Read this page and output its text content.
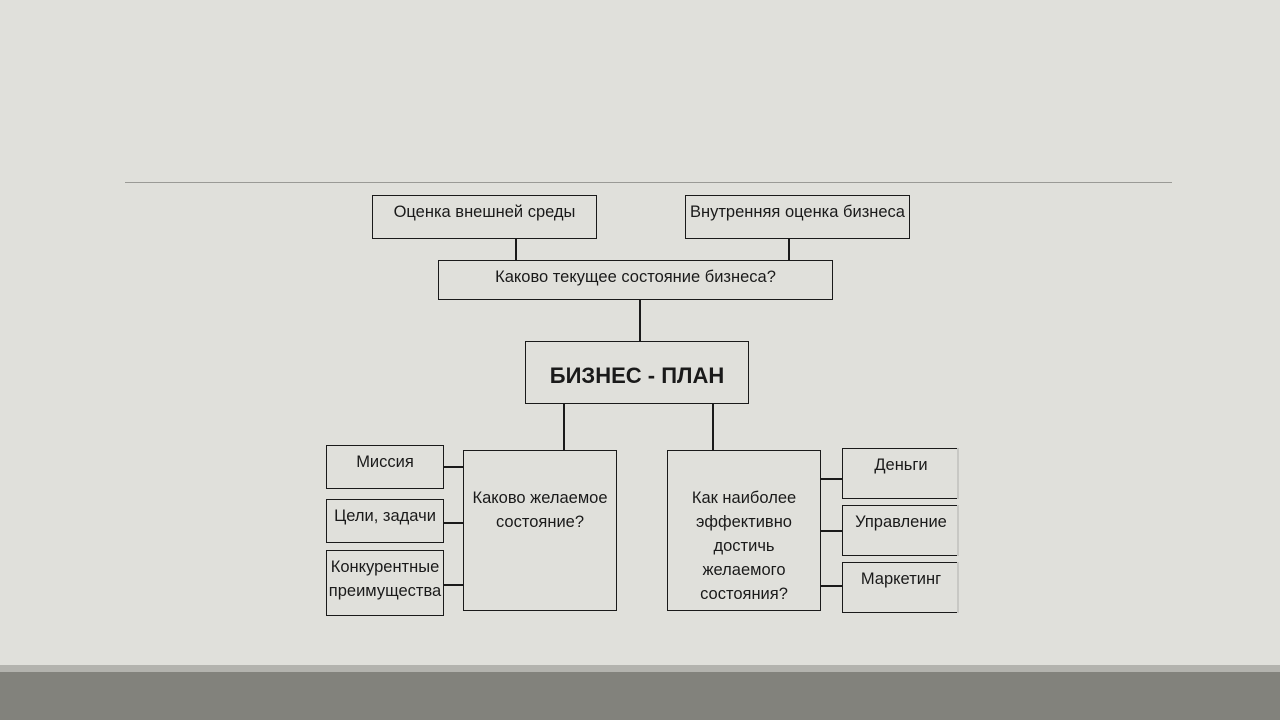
Оценка внешней среды	Внутренняя оценка бизнеса
Каково текущее состояние бизнеса?
БИЗНЕС - ПЛАН
Каково желаемое состояние?
Как наиболее эффективно достичь желаемого состояния?
Миссия
Цели, задачи
Конкурентные преимущества
Деньги
Управление
Маркетинг
